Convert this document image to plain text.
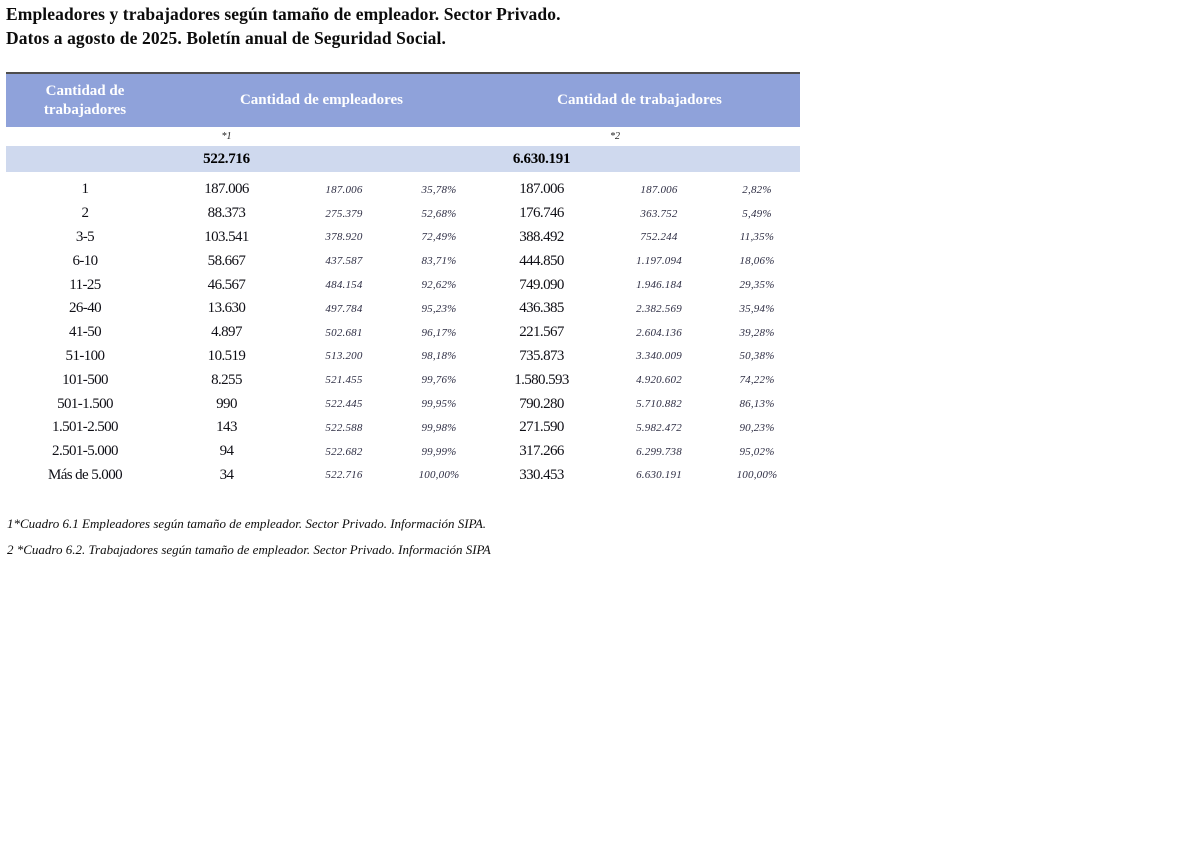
Empleadores y trabajadores según tamaño de empleador. Sector Privado.
Datos a agosto de 2025. Boletín anual de Seguridad Social.
Cantidad de trabajadores	Cantidad de empleadores			Cantidad de trabajadores		
	*1				*2	
	522.716			6.630.191		

1	187.006	187.006	35,78%	187.006	187.006	2,82%
2	88.373	275.379	52,68%	176.746	363.752	5,49%
3-5	103.541	378.920	72,49%	388.492	752.244	11,35%
6-10	58.667	437.587	83,71%	444.850	1.197.094	18,06%
11-25	46.567	484.154	92,62%	749.090	1.946.184	29,35%
26-40	13.630	497.784	95,23%	436.385	2.382.569	35,94%
41-50	4.897	502.681	96,17%	221.567	2.604.136	39,28%
51-100	10.519	513.200	98,18%	735.873	3.340.009	50,38%
101-500	8.255	521.455	99,76%	1.580.593	4.920.602	74,22%
501-1.500	990	522.445	99,95%	790.280	5.710.882	86,13%
1.501-2.500	143	522.588	99,98%	271.590	5.982.472	90,23%
2.501-5.000	94	522.682	99,99%	317.266	6.299.738	95,02%
Más de 5.000	34	522.716	100,00%	330.453	6.630.191	100,00%
1*Cuadro 6.1 Empleadores según tamaño de empleador. Sector Privado. Información SIPA.
2 *Cuadro 6.2. Trabajadores según tamaño de empleador. Sector Privado. Información SIPA
